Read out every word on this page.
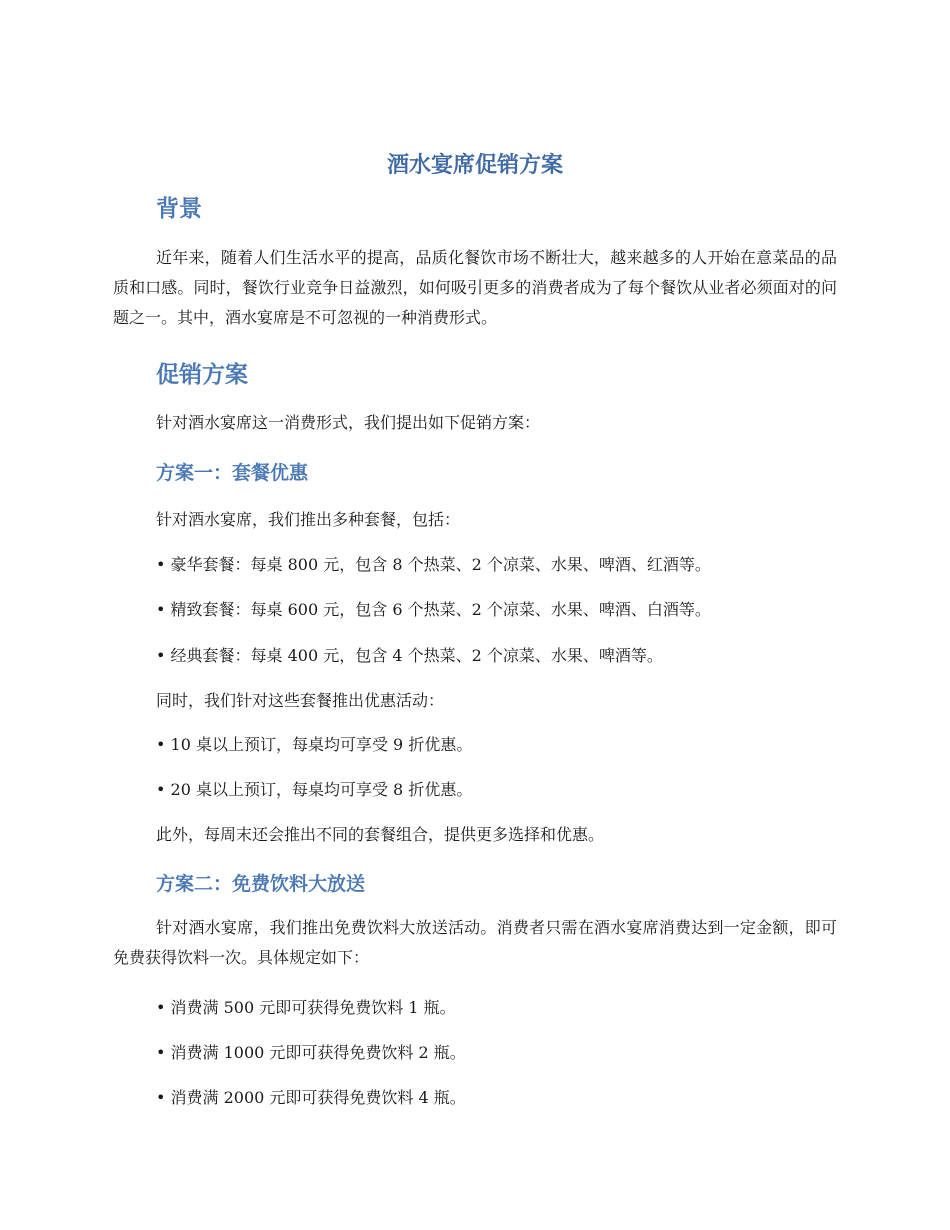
酒水宴席促销方案
背景

近年来，随着人们生活水平的提高，品质化餐饮市场不断壮大，越来越多的人开始在意菜品的品质和口感。同时，餐饮行业竞争日益激烈，如何吸引更多的消费者成为了每个餐饮从业者必须面对的问题之一。其中，酒水宴席是不可忽视的一种消费形式。

促销方案

针对酒水宴席这一消费形式，我们提出如下促销方案：

方案一：套餐优惠

针对酒水宴席，我们推出多种套餐，包括：

• 豪华套餐：每桌 800 元，包含 8 个热菜、2 个凉菜、水果、啤酒、红酒等。

• 精致套餐：每桌 600 元，包含 6 个热菜、2 个凉菜、水果、啤酒、白酒等。

• 经典套餐：每桌 400 元，包含 4 个热菜、2 个凉菜、水果、啤酒等。

同时，我们针对这些套餐推出优惠活动：

• 10 桌以上预订，每桌均可享受 9 折优惠。

• 20 桌以上预订，每桌均可享受 8 折优惠。

此外，每周末还会推出不同的套餐组合，提供更多选择和优惠。

方案二：免费饮料大放送

针对酒水宴席，我们推出免费饮料大放送活动。消费者只需在酒水宴席消费达到一定金额，即可免费获得饮料一次。具体规定如下：

• 消费满 500 元即可获得免费饮料 1 瓶。

• 消费满 1000 元即可获得免费饮料 2 瓶。

• 消费满 2000 元即可获得免费饮料 4 瓶。
